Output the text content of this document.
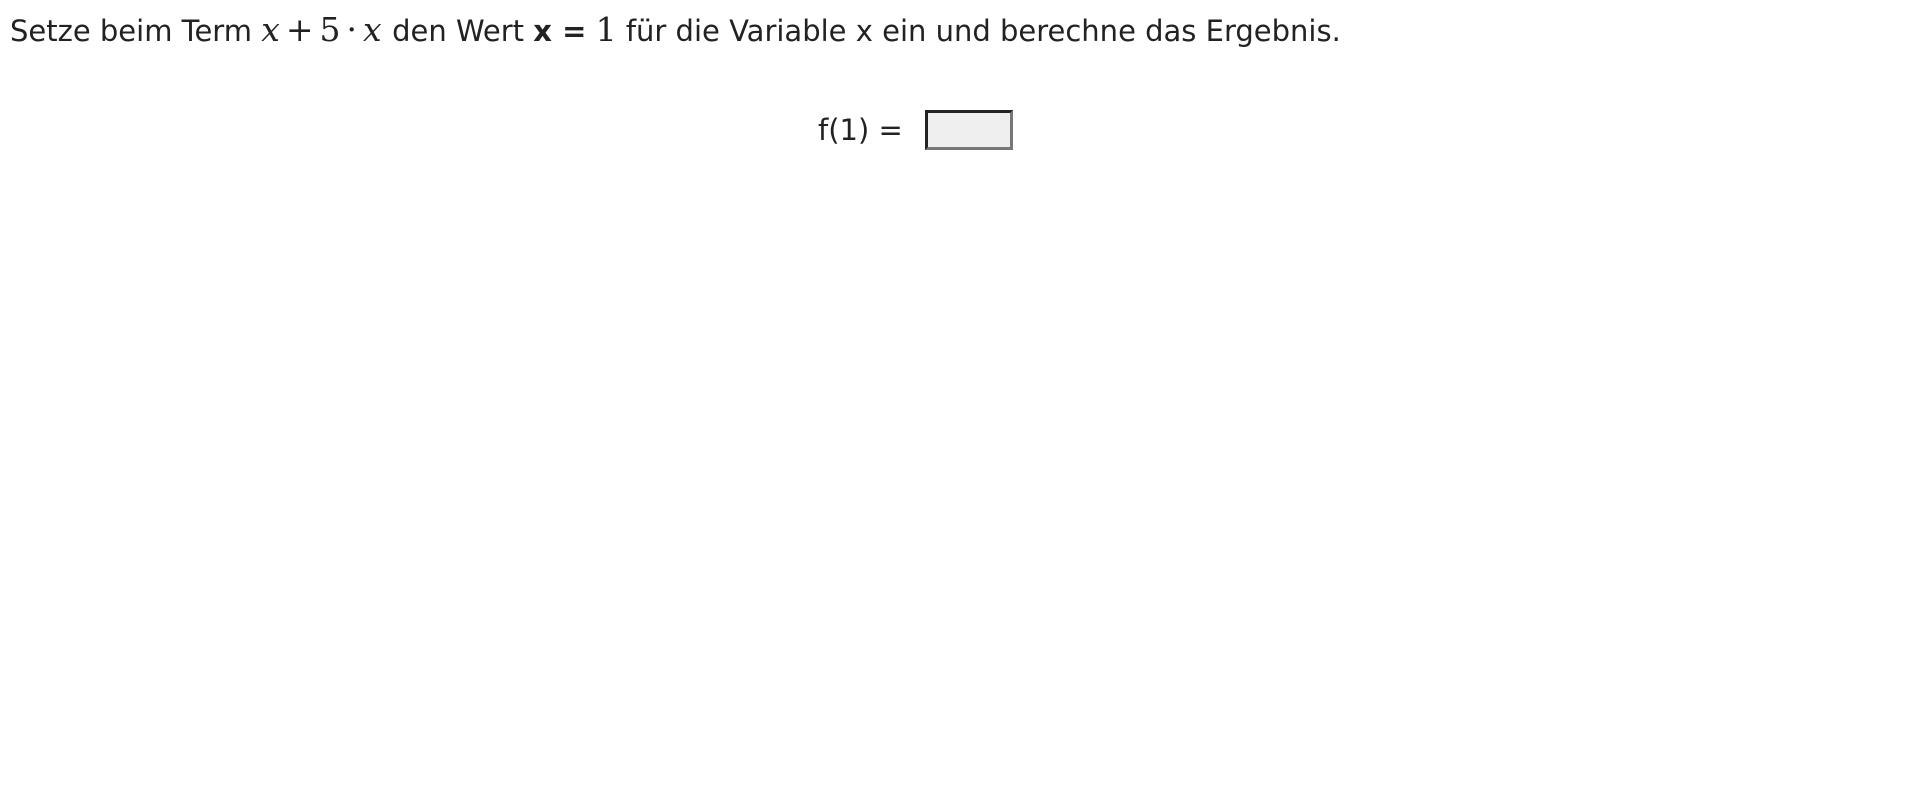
Setze beim Term x + 5 · x den Wert x = 1 für die Variable x ein und berechne das Ergebnis.

f(1) =
